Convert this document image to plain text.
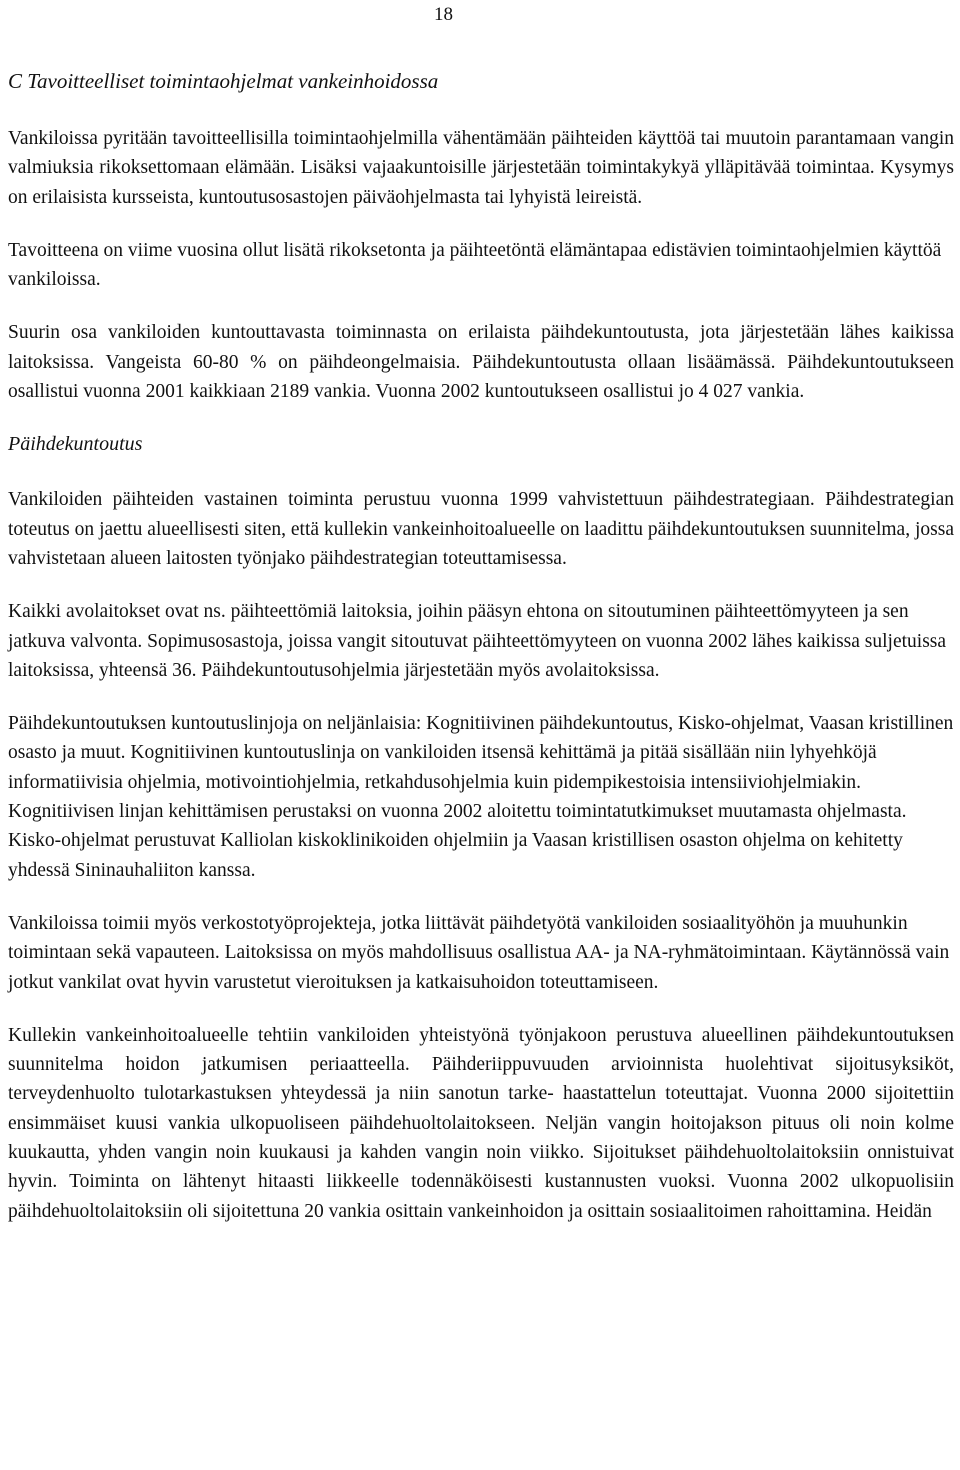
18
C Tavoitteelliset toimintaohjelmat vankeinhoidossa

Vankiloissa pyritään tavoitteellisilla toimintaohjelmilla vähentämään päihteiden käyttöä tai muutoin parantamaan vangin valmiuksia rikoksettomaan elämään. Lisäksi vajaakuntoisille järjestetään toimintakykyä ylläpitävää toimintaa. Kysymys on erilaisista kursseista, kuntoutusosastojen päiväohjelmasta tai lyhyistä leireistä.

Tavoitteena on viime vuosina ollut lisätä rikoksetonta ja päihteetöntä elämäntapaa edistävien toimintaohjelmien käyttöä vankiloissa.

Suurin osa vankiloiden kuntouttavasta toiminnasta on erilaista päihdekuntoutusta, jota järjestetään lähes kaikissa laitoksissa. Vangeista 60-80 % on päihdeongelmaisia. Päihdekuntoutusta ollaan lisäämässä. Päihdekuntoutukseen osallistui vuonna 2001 kaikkiaan 2189 vankia. Vuonna 2002 kuntoutukseen osallistui jo 4 027 vankia.

Päihdekuntoutus

Vankiloiden päihteiden vastainen toiminta perustuu vuonna 1999 vahvistettuun päihdestrategiaan. Päihdestrategian toteutus on jaettu alueellisesti siten, että kullekin vankeinhoitoalueelle on laadittu päihdekuntoutuksen suunnitelma, jossa vahvistetaan alueen laitosten työnjako päihdestrategian toteuttamisessa.

Kaikki avolaitokset ovat ns. päihteettömiä laitoksia, joihin pääsyn ehtona on sitoutuminen päihteettömyyteen ja sen jatkuva valvonta. Sopimusosastoja, joissa vangit sitoutuvat päihteettömyyteen on vuonna 2002 lähes kaikissa suljetuissa laitoksissa, yhteensä 36. Päihdekuntoutusohjelmia järjestetään myös avolaitoksissa.

Päihdekuntoutuksen kuntoutuslinjoja on neljänlaisia: Kognitiivinen päihdekuntoutus, Kisko-ohjelmat, Vaasan kristillinen osasto ja muut. Kognitiivinen kuntoutuslinja on vankiloiden itsensä kehittämä ja pitää sisällään niin lyhyehköjä informatiivisia ohjelmia, motivointiohjelmia, retkahdusohjelmia kuin pidempikestoisia intensiiviohjelmiakin. Kognitiivisen linjan kehittämisen perustaksi on vuonna 2002 aloitettu toimintatutkimukset muutamasta ohjelmasta. Kisko-ohjelmat perustuvat Kalliolan kiskoklinikoiden ohjelmiin ja Vaasan kristillisen osaston ohjelma on kehitetty yhdessä Sininauhaliiton kanssa.

Vankiloissa toimii myös verkostotyöprojekteja, jotka liittävät päihdetyötä vankiloiden sosiaalityöhön ja muuhunkin toimintaan sekä vapauteen. Laitoksissa on myös mahdollisuus osallistua AA- ja NA-ryhmätoimintaan. Käytännössä vain jotkut vankilat ovat hyvin varustetut vieroituksen ja katkaisuhoidon toteuttamiseen.

Kullekin vankeinhoitoalueelle tehtiin vankiloiden yhteistyönä työnjakoon perustuva alueellinen päihdekuntoutuksen suunnitelma hoidon jatkumisen periaatteella. Päihderiippuvuuden arvioinnista huolehtivat sijoitusyksiköt, terveydenhuolto tulotarkastuksen yhteydessä ja niin sanotun tarke- haastattelun toteuttajat. Vuonna 2000 sijoitettiin ensimmäiset kuusi vankia ulkopuoliseen päihdehuoltolaitokseen. Neljän vangin hoitojakson pituus oli noin kolme kuukautta, yhden vangin noin kuukausi ja kahden vangin noin viikko. Sijoitukset päihdehuoltolaitoksiin onnistuivat hyvin. Toiminta on lähtenyt hitaasti liikkeelle todennäköisesti kustannusten vuoksi. Vuonna 2002 ulkopuolisiin päihdehuoltolaitoksiin oli sijoitettuna 20 vankia osittain vankeinhoidon ja osittain sosiaalitoimen rahoittamina. Heidän
